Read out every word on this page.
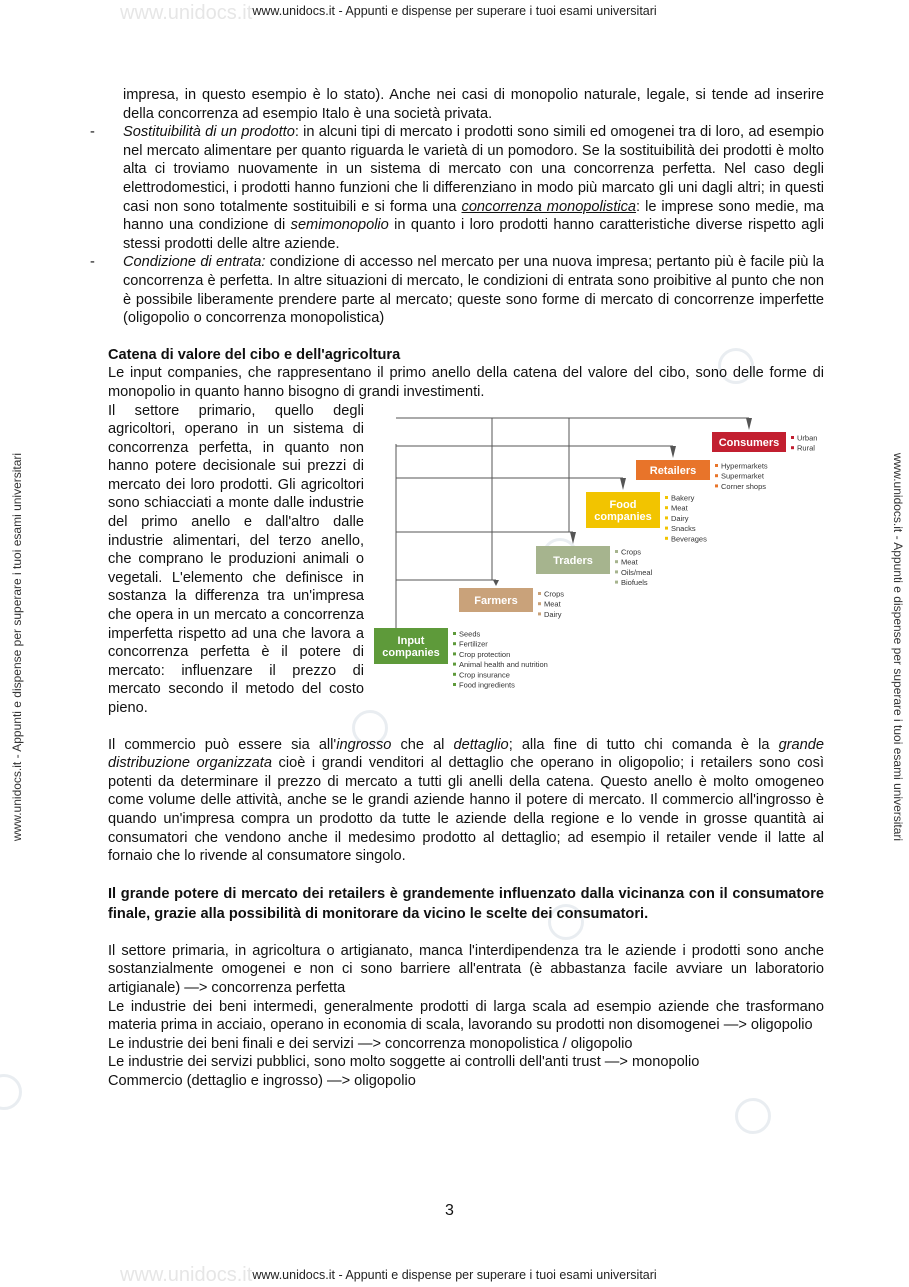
www.unidocs.it - Appunti e dispense per superare i tuoi esami universitari
www.unidocs.it - Appunti e dispense per superare i tuoi esami universitari
www.unidocs.it - Appunti e dispense per superare i tuoi esami universitari	www.unidocs.it - Appunti e dispense per superare i tuoi esami universitari
www.unidocs.it
www.unidocs.it

impresa, in questo esempio è lo stato). Anche nei casi di monopolio naturale, legale, si tende ad inserire della concorrenza ad esempio Italo è una società privata.

- Sostituibilità di un prodotto: in alcuni tipi di mercato i prodotti sono simili ed omogenei tra di loro, ad esempio nel mercato alimentare per quanto riguarda le varietà di un pomodoro. Se la sostituibilità dei prodotti è molto alta ci troviamo nuovamente in un sistema di mercato con una concorrenza perfetta. Nel caso degli elettrodomestici, i prodotti hanno funzioni che li differenziano in modo più marcato gli uni dagli altri; in questi casi non sono totalmente sostituibili e si forma una concorrenza monopolistica: le imprese sono medie, ma hanno una condizione di semimonopolio in quanto i loro prodotti hanno caratteristiche diverse rispetto agli stessi prodotti delle altre aziende.

- Condizione di entrata: condizione di accesso nel mercato per una nuova impresa; pertanto più è facile più la concorrenza è perfetta. In altre situazioni di mercato, le condizioni di entrata sono proibitive al punto che non è possibile liberamente prendere parte al mercato; queste sono forme di mercato di concorrenze imperfette (oligopolio o concorrenza monopolistica)

Catena di valore del cibo e dell'agricoltura

Le input companies, che rappresentano il primo anello della catena del valore del cibo, sono delle forme di monopolio in quanto hanno bisogno di grandi investimenti.

Input
companies
Seeds
Fertilizer
Crop protection
Animal health and nutrition
Crop insurance
Food ingredients
Farmers
Crops
Meat
Dairy
Traders
Crops
Meat
Oils/meal
Biofuels
Food
companies
Bakery
Meat
Dairy
Snacks
Beverages
Retailers	Hypermarkets
Supermarket
Corner shops
Consumers Urban
Rural

Il settore primario, quello degli agricoltori, operano in un sistema di concorrenza perfetta, in quanto non hanno potere decisionale sui prezzi di mercato dei loro prodotti. Gli agricoltori sono schiacciati a monte dalle industrie del primo anello e dall'altro dalle industrie alimentari, del terzo anello, che comprano le produzioni animali o vegetali. L'elemento che definisce in sostanza la differenza tra un'impresa che opera in un mercato a concorrenza imperfetta rispetto ad una che lavora a concorrenza perfetta è il potere di mercato: influenzare il prezzo di mercato secondo il metodo del costo pieno.

Il commercio può essere sia all'ingrosso che al dettaglio; alla fine di tutto chi comanda è la grande distribuzione organizzata cioè i grandi venditori al dettaglio che operano in oligopolio; i retailers sono così potenti da determinare il prezzo di mercato a tutti gli anelli della catena. Questo anello è molto omogeneo come volume delle attività, anche se le grandi aziende hanno il potere di mercato. Il commercio all'ingrosso è quando un'impresa compra un prodotto da tutte le aziende della regione e lo vende in grosse quantità ai consumatori che vendono anche il medesimo prodotto al dettaglio; ad esempio il retailer vende il latte al fornaio che lo rivende al consumatore singolo.

Il grande potere di mercato dei retailers è grandemente influenzato dalla vicinanza con il consumatore finale, grazie alla possibilità di monitorare da vicino le scelte dei consumatori.

Il settore primaria, in agricoltura o artigianato, manca l'interdipendenza tra le aziende i prodotti sono anche sostanzialmente omogenei e non ci sono barriere all'entrata (è abbastanza facile avviare un laboratorio artigianale) —> concorrenza perfetta

Le industrie dei beni intermedi, generalmente prodotti di larga scala ad esempio aziende che trasformano materia prima in acciaio, operano in economia di scala, lavorando su prodotti non disomogenei —> oligopolio

Le industrie dei beni finali e dei servizi —> concorrenza monopolistica / oligopolio

Le industrie dei servizi pubblici, sono molto soggette ai controlli dell'anti trust —> monopolio

Commercio (dettaglio e ingrosso) —> oligopolio

3
